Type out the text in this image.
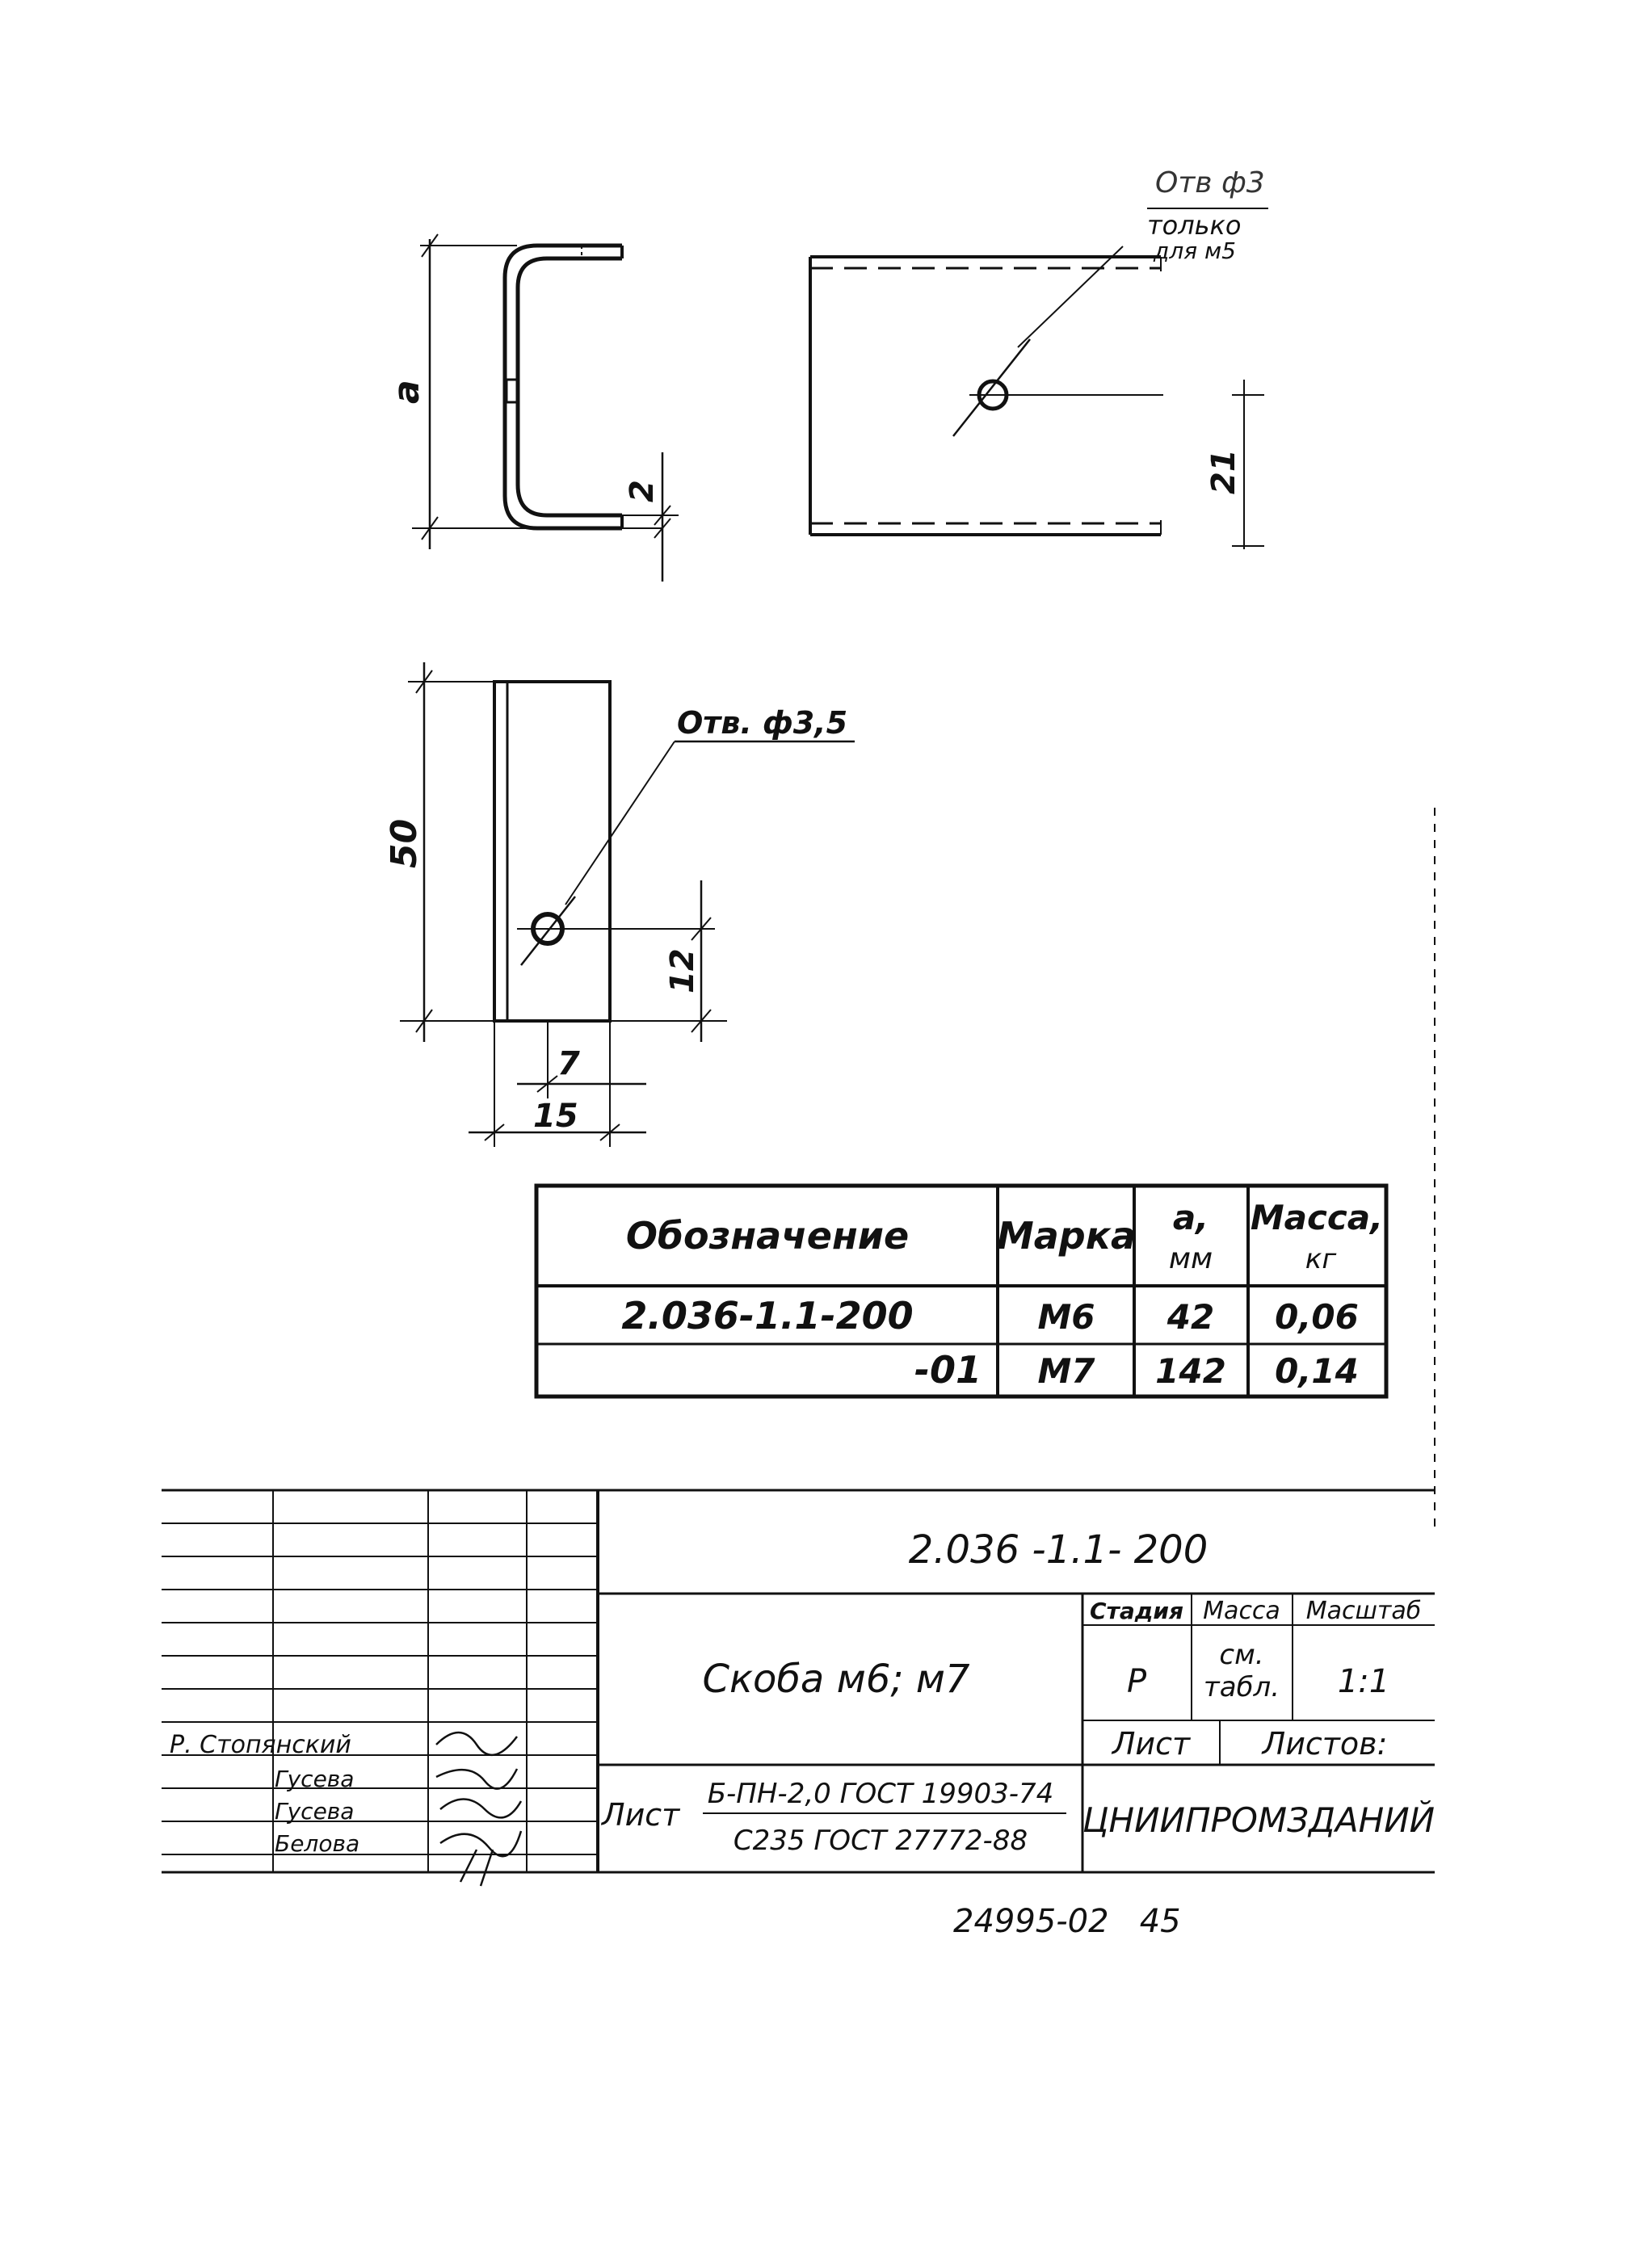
a
2	21
Отв ф3
только
для м5
Отв. ф3,5
50
12
7
15
Обозначение Марка a,
мм
Масса,
кг
2.036-1.1-200	М6 42 0,06
-01 М7 142 0,14
2.036 -1.1- 200
Скоба м6; м7
Стадия Масса Масштаб
Р
см.
табл. 1:1
Лист Листов:
Лист
Б-ПН-2,0 ГОСТ 19903-74
С235 ГОСТ 27772-88
ЦНИИПРОМЗДАНИЙ
Р. Стопянский
Гусева
Гусева
Белова
24995-02   45
